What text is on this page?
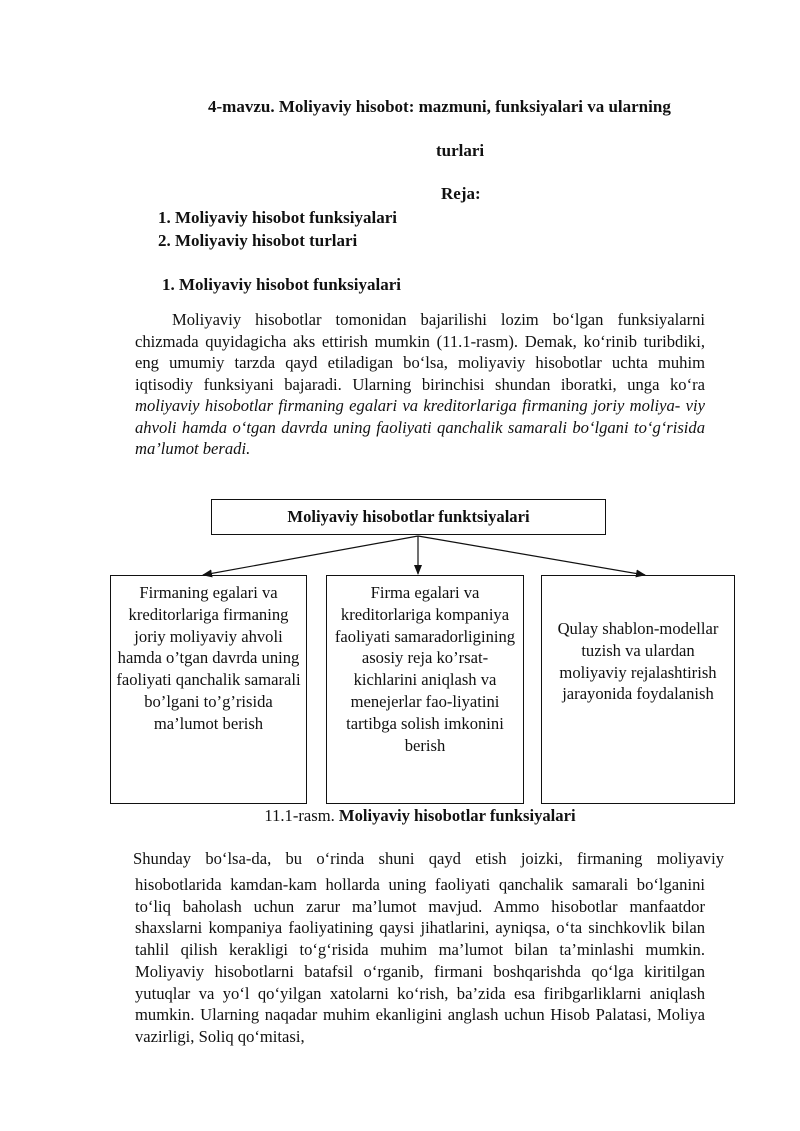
4-mavzu. Moliyaviy hisobot: mazmuni, funksiyalari va ularning
turlari
Reja:
1. Moliyaviy hisobot funksiyalari
2. Moliyaviy hisobot turlari
1. Moliyaviy hisobot funksiyalari
Moliyaviy hisobotlar tomonidan bajarilishi lozim bo‘lgan funksiyalarni chizmada quyidagicha aks ettirish mumkin (11.1-rasm). Demak, ko‘rinib turibdiki, eng umumiy tarzda qayd etiladigan bo‘lsa, moliyaviy hisobotlar uchta muhim iqtisodiy funksiyani bajaradi. Ularning birinchisi shundan iboratki, unga ko‘ra moliyaviy hisobotlar firmaning egalari va kreditorlariga firmaning joriy moliya- viy ahvoli hamda o‘tgan davrda uning faoliyati qanchalik samarali bo‘lgani to‘g‘risida ma’lumot beradi.
Moliyaviy hisobotlar funktsiyalari
Firmaning egalari va kreditorlariga firmaning joriy moliyaviy ahvoli hamda o’tgan davrda uning faoliyati qanchalik samarali bo’lgani to’g’risida ma’lumot berish
Firma egalari va kreditorlariga kompaniya faoliyati samaradorligining asosiy reja ko’rsat-kichlarini aniqlash va menejerlar fao-liyatini tartibga solish imkonini berish
Qulay shablon-modellar tuzish va ulardan moliyaviy rejalashtirish jarayonida foydalanish
11.1-rasm. Moliyaviy hisobotlar funksiyalari
Shunday bo‘lsa-da, bu o‘rinda shuni qayd etish joizki, firmaning moliyaviy
hisobotlarida kamdan-kam hollarda uning faoliyati qanchalik samarali bo‘lganini to‘liq baholash uchun zarur ma’lumot mavjud. Ammo hisobotlar manfaatdor shaxslarni kompaniya faoliyatining qaysi jihatlarini, ayniqsa, o‘ta sinchkovlik bilan tahlil qilish kerakligi to‘g‘risida muhim ma’lumot bilan ta’minlashi mumkin. Moliyaviy hisobotlarni batafsil o‘rganib, firmani boshqarishda qo‘lga kiritilgan yutuqlar va yo‘l qo‘yilgan xatolarni ko‘rish, ba’zida esa firibgarliklarni aniqlash mumkin. Ularning naqadar muhim ekanligini anglash uchun Hisob Palatasi, Moliya vazirligi, Soliq qo‘mitasi,
